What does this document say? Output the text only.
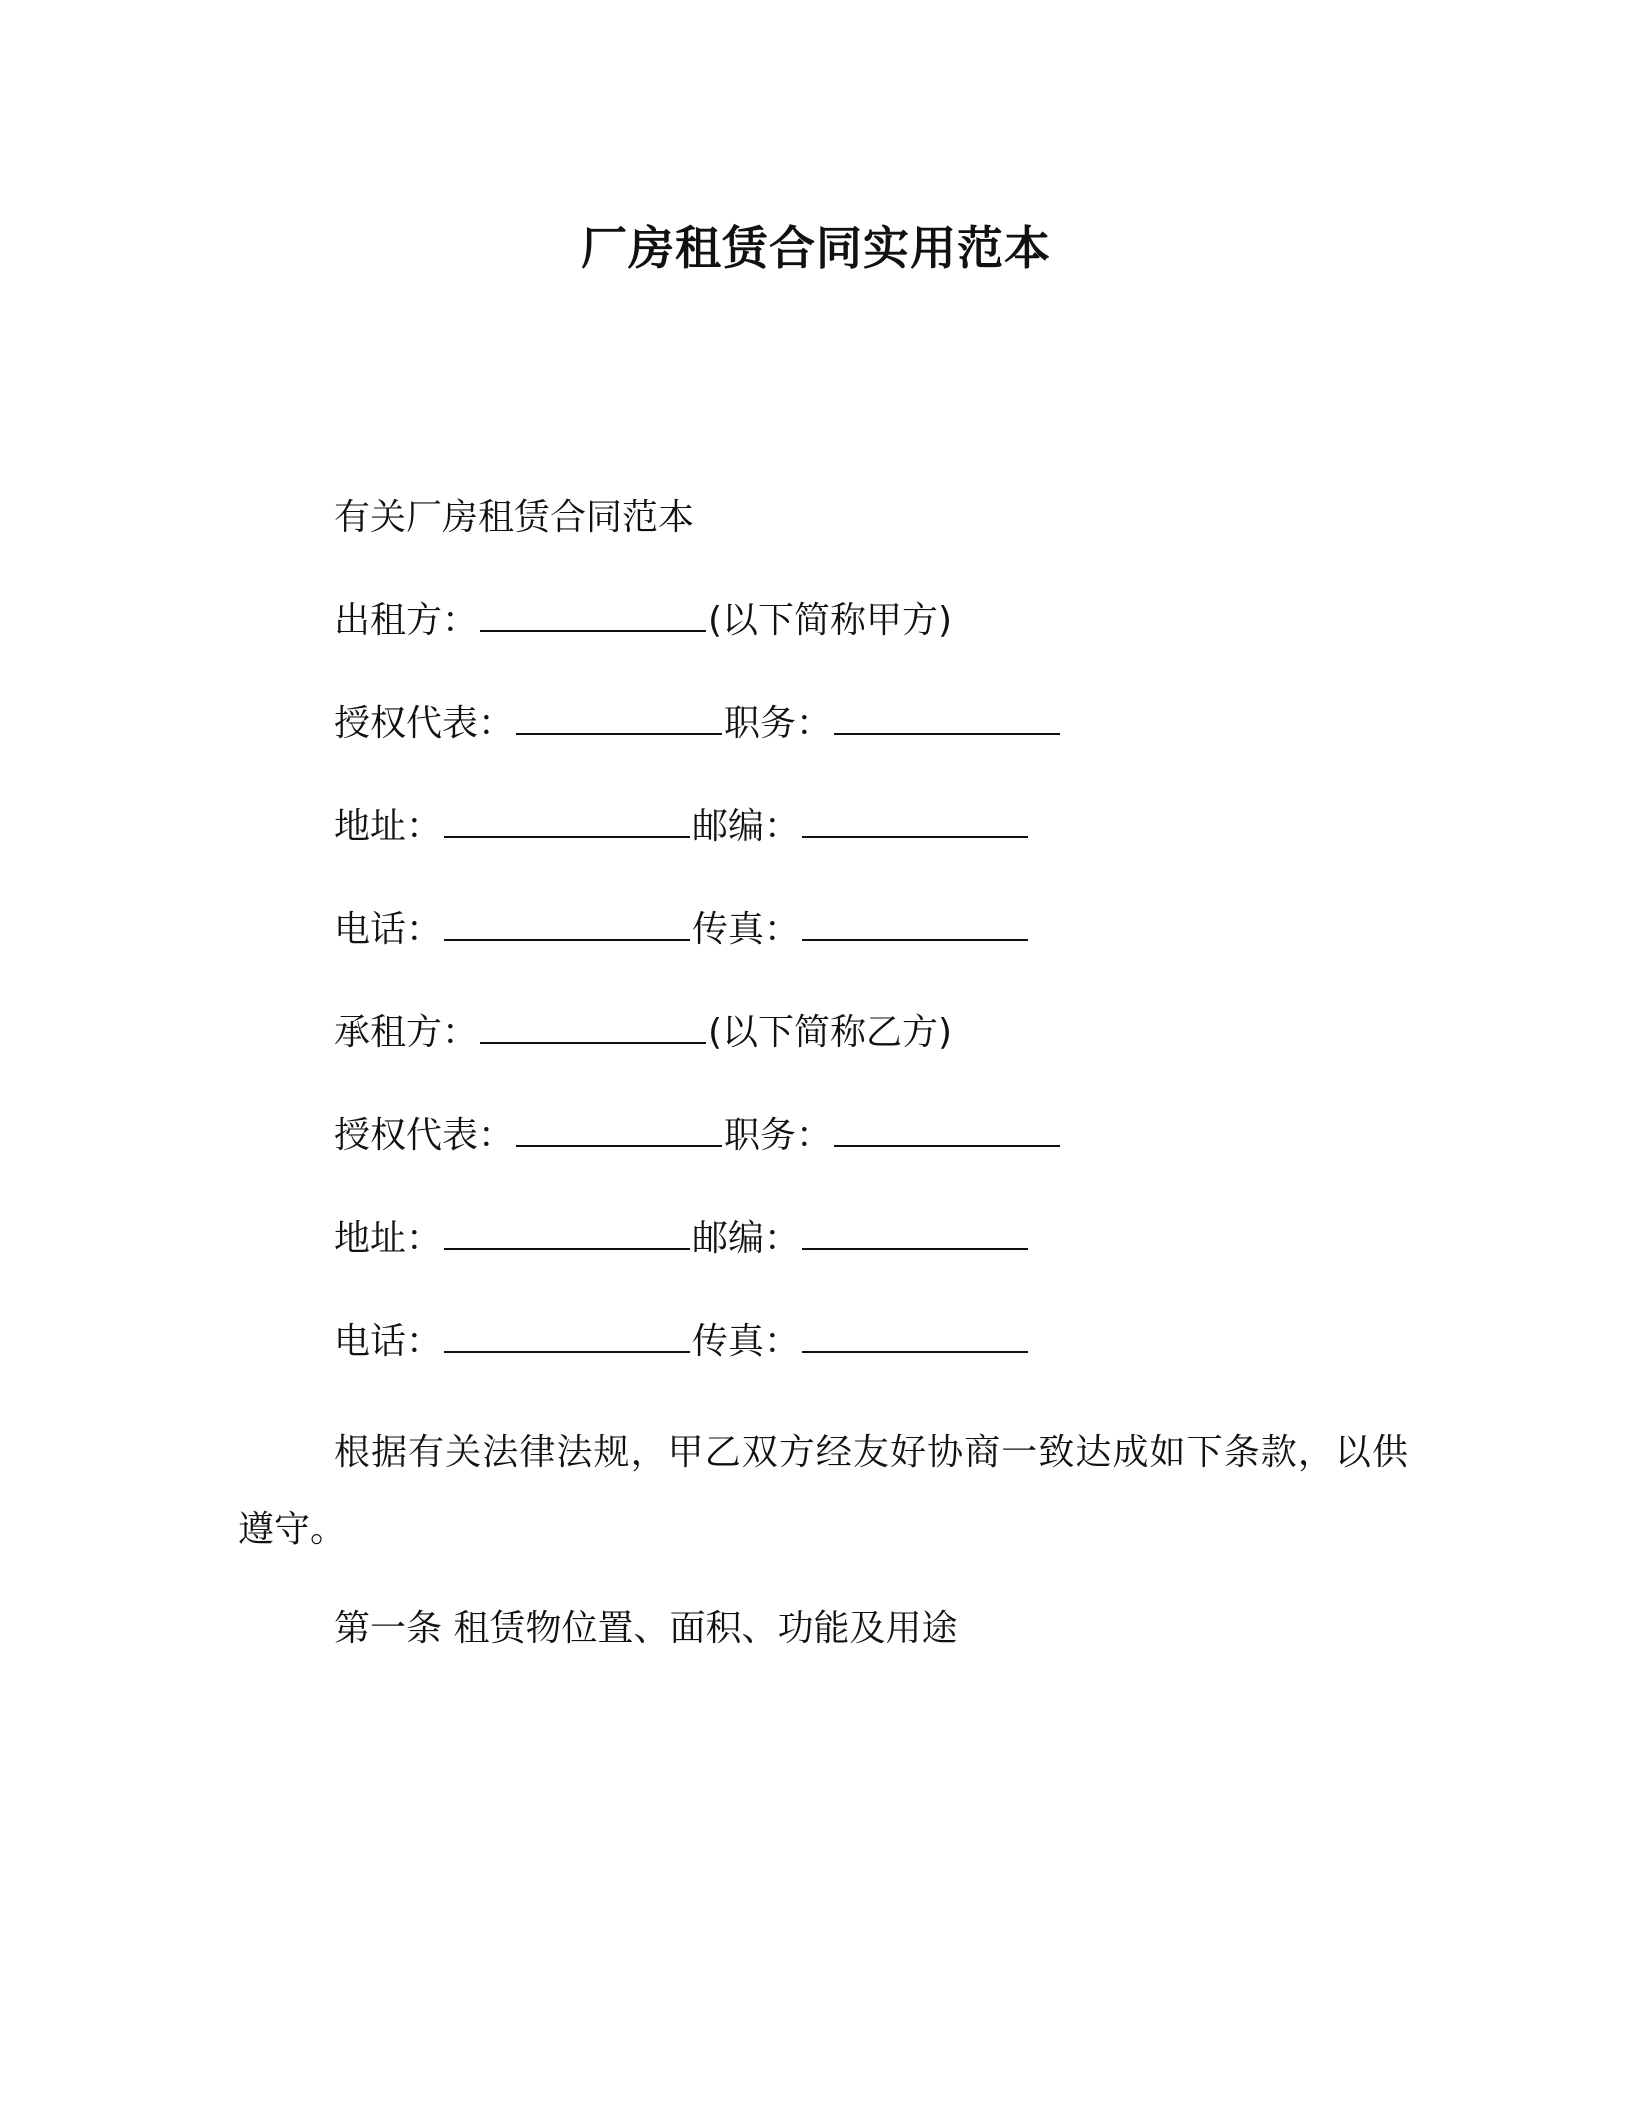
厂房租赁合同实用范本
有关厂房租赁合同范本
出租方：	(以下简称甲方)
授权代表：	职务：
地址：	邮编：
电话：	传真：
承租方：	(以下简称乙方)
授权代表：	职务：
地址：	邮编：
电话：	传真：
根据有关法律法规，甲乙双方经友好协商一致达成如下条款，以供遵守。
第一条 租赁物位置、面积、功能及用途
